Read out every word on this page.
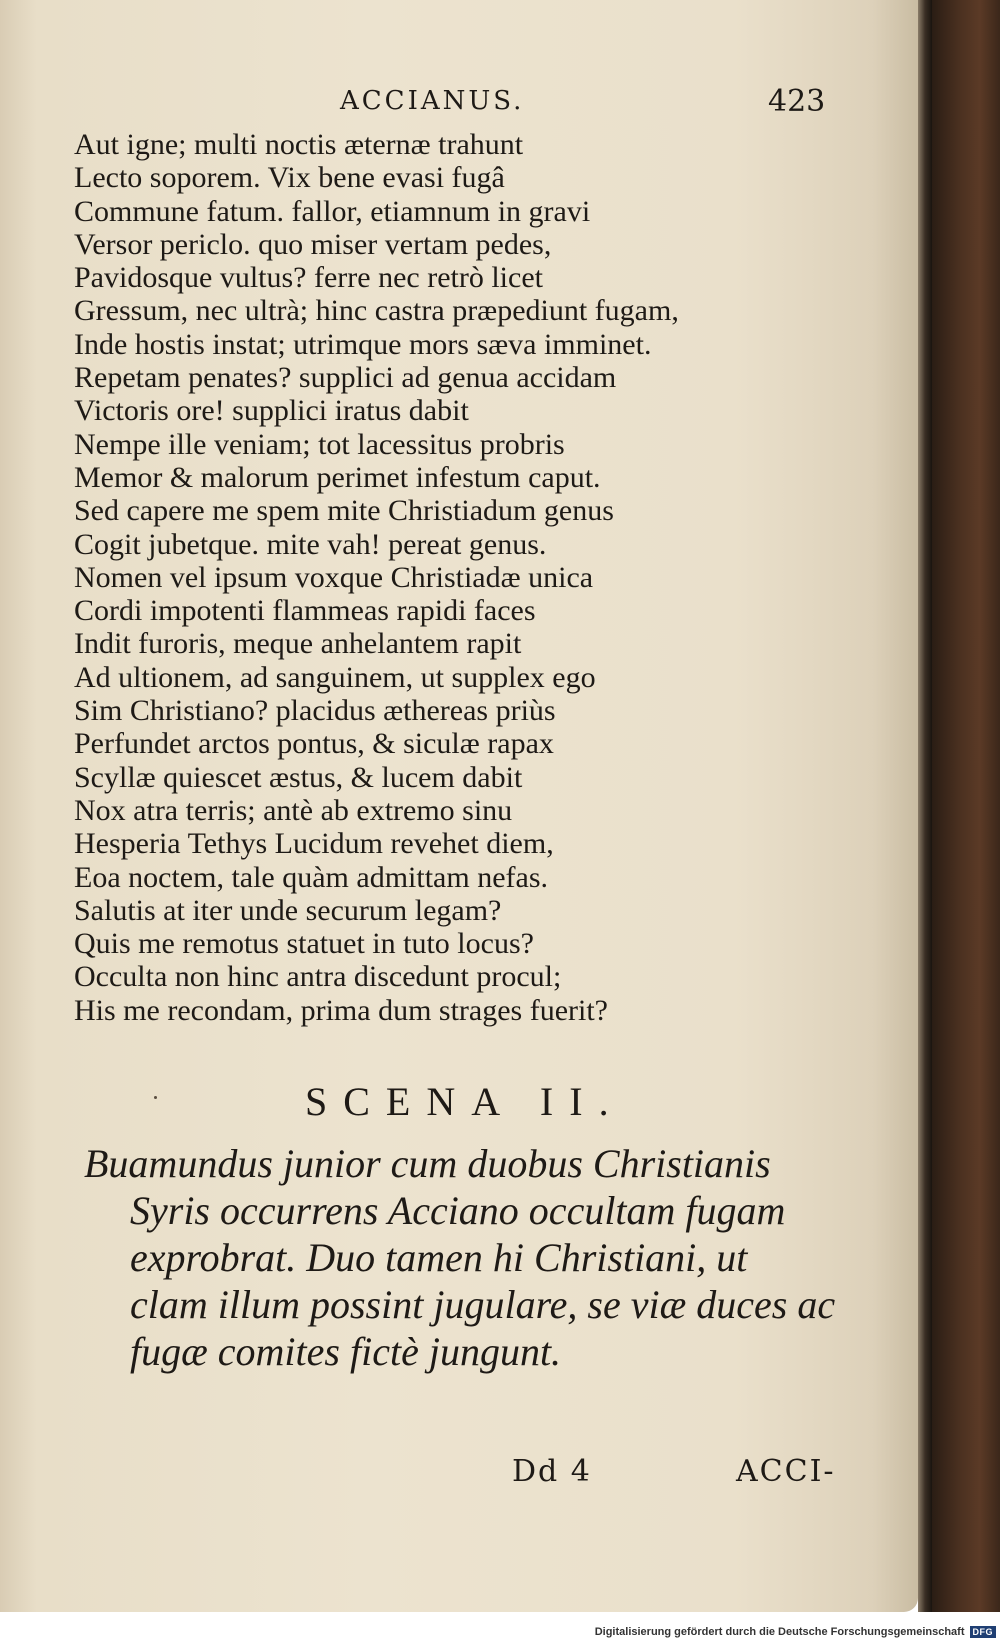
ACCIANUS.	423
Aut igne; multi noctis æternæ trahunt
Lecto soporem. Vix bene evasi fugâ
Commune fatum. fallor, etiamnum in gravi
Versor periclo. quo miser vertam pedes,
Pavidosque vultus? ferre nec retrò licet
Gressum, nec ultrà; hinc castra præpediunt fugam,
Inde hostis instat; utrimque mors sæva imminet.
Repetam penates? supplici ad genua accidam
Victoris ore! supplici iratus dabit
Nempe ille veniam; tot lacessitus probris
Memor & malorum perimet infestum caput.
Sed capere me spem mite Christiadum genus
Cogit jubetque. mite vah! pereat genus.
Nomen vel ipsum voxque Christiadæ unica
Cordi impotenti flammeas rapidi faces
Indit furoris, meque anhelantem rapit
Ad ultionem, ad sanguinem, ut supplex ego
Sim Christiano? placidus æthereas priùs
Perfundet arctos pontus, & siculæ rapax
Scyllæ quiescet æstus, & lucem dabit
Nox atra terris; antè ab extremo sinu
Hesperia Tethys Lucidum revehet diem,
Eoa noctem, tale quàm admittam nefas.
Salutis at iter unde securum legam?
Quis me remotus statuet in tuto locus?
Occulta non hinc antra discedunt procul;
His me recondam, prima dum strages fuerit?
SCENA II.
Buamundus junior cum duobus Christianis
Syris occurrens Acciano occultam fugam
exprobrat. Duo tamen hi Christiani, ut
clam illum possint jugulare, se viæ duces ac
fugæ comites fictè jungunt.
Dd 4	ACCI-
Digitalisierung gefördert durch die Deutsche Forschungsgemeinschaft DFG
